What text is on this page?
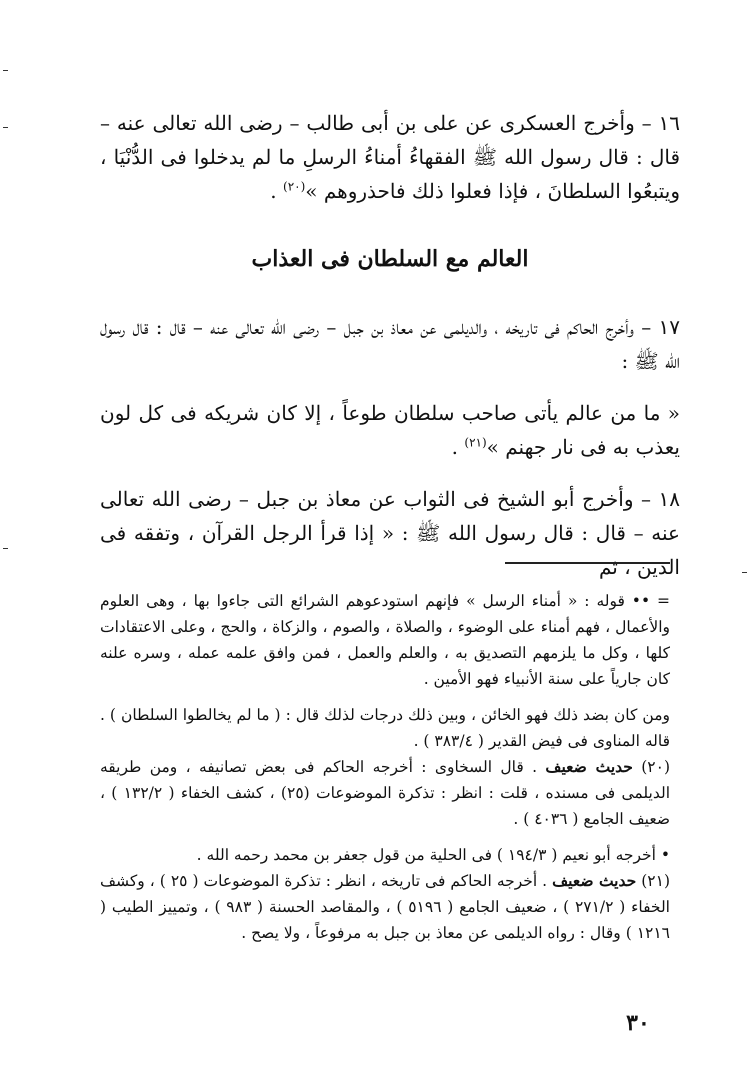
١٦ – وأخرج العسكرى عن على بن أبى طالب – رضى الله تعالى عنه – قال : قال رسول الله ﷺ الفقهاءُ أمناءُ الرسلِ ما لم يدخلوا فى الدُّنْيَا ، ويتبعُوا السلطانَ ، فإذا فعلوا ذلك فاحذروهم »$^{(٢٠)}$ .

العالم مع السلطان فى العذاب

١٧ – وأخرج الحاكم فى تاريخه ، والديلمى عن معاذ بن جبل – رضى الله تعالى عنه – قال : قال رسول الله ﷺ :

« ما من عالم يأتى صاحب سلطان طوعاً ، إلا كان شريكه فى كل لون يعذب به فى نار جهنم »$^{(٢١)}$ .

١٨ – وأخرج أبو الشيخ فى الثواب عن معاذ بن جبل – رضى الله تعالى عنه – قال : قال رسول الله ﷺ : « إذا قرأ الرجل القرآن ، وتفقه فى الدين ، ثم

= •• قوله : « أمناء الرسل » فإنهم استودعوهم الشرائع التى جاءوا بها ، وهى العلوم والأعمال ، فهم أمناء على الوضوء ، والصلاة ، والصوم ، والزكاة ، والحج ، وعلى الاعتقادات كلها ، وكل ما يلزمهم التصديق به ، والعلم والعمل ، فمن وافق علمه عمله ، وسره علنه كان جارياً على سنة الأنبياء فهو الأمين .

ومن كان بضد ذلك فهو الخائن ، وبين ذلك درجات لذلك قال : ( ما لم يخالطوا السلطان ) . قاله المناوى فى فيض القدير ( ٣٨٣/٤ ) .

(٢٠) حديث ضعيف . قال السخاوى : أخرجه الحاكم فى بعض تصانيفه ، ومن طريقه الديلمى فى مسنده ، قلت : انظر : تذكرة الموضوعات (٢٥) ، كشف الخفاء ( ١٣٢/٢ ) ، ضعيف الجامع ( ٤٠٣٦ ) .

• أخرجه أبو نعيم ( ١٩٤/٣ ) فى الحلية من قول جعفر بن محمد رحمه الله .

(٢١) حديث ضعيف . أخرجه الحاكم فى تاريخه ، انظر : تذكرة الموضوعات ( ٢٥ ) ، وكشف الخفاء ( ٢٧١/٢ ) ، ضعيف الجامع ( ٥١٩٦ ) ، والمقاصد الحسنة ( ٩٨٣ ) ، وتمييز الطيب ( ١٢١٦ ) وقال : رواه الديلمى عن معاذ بن جبل به مرفوعاً ، ولا يصح .

٣٠
